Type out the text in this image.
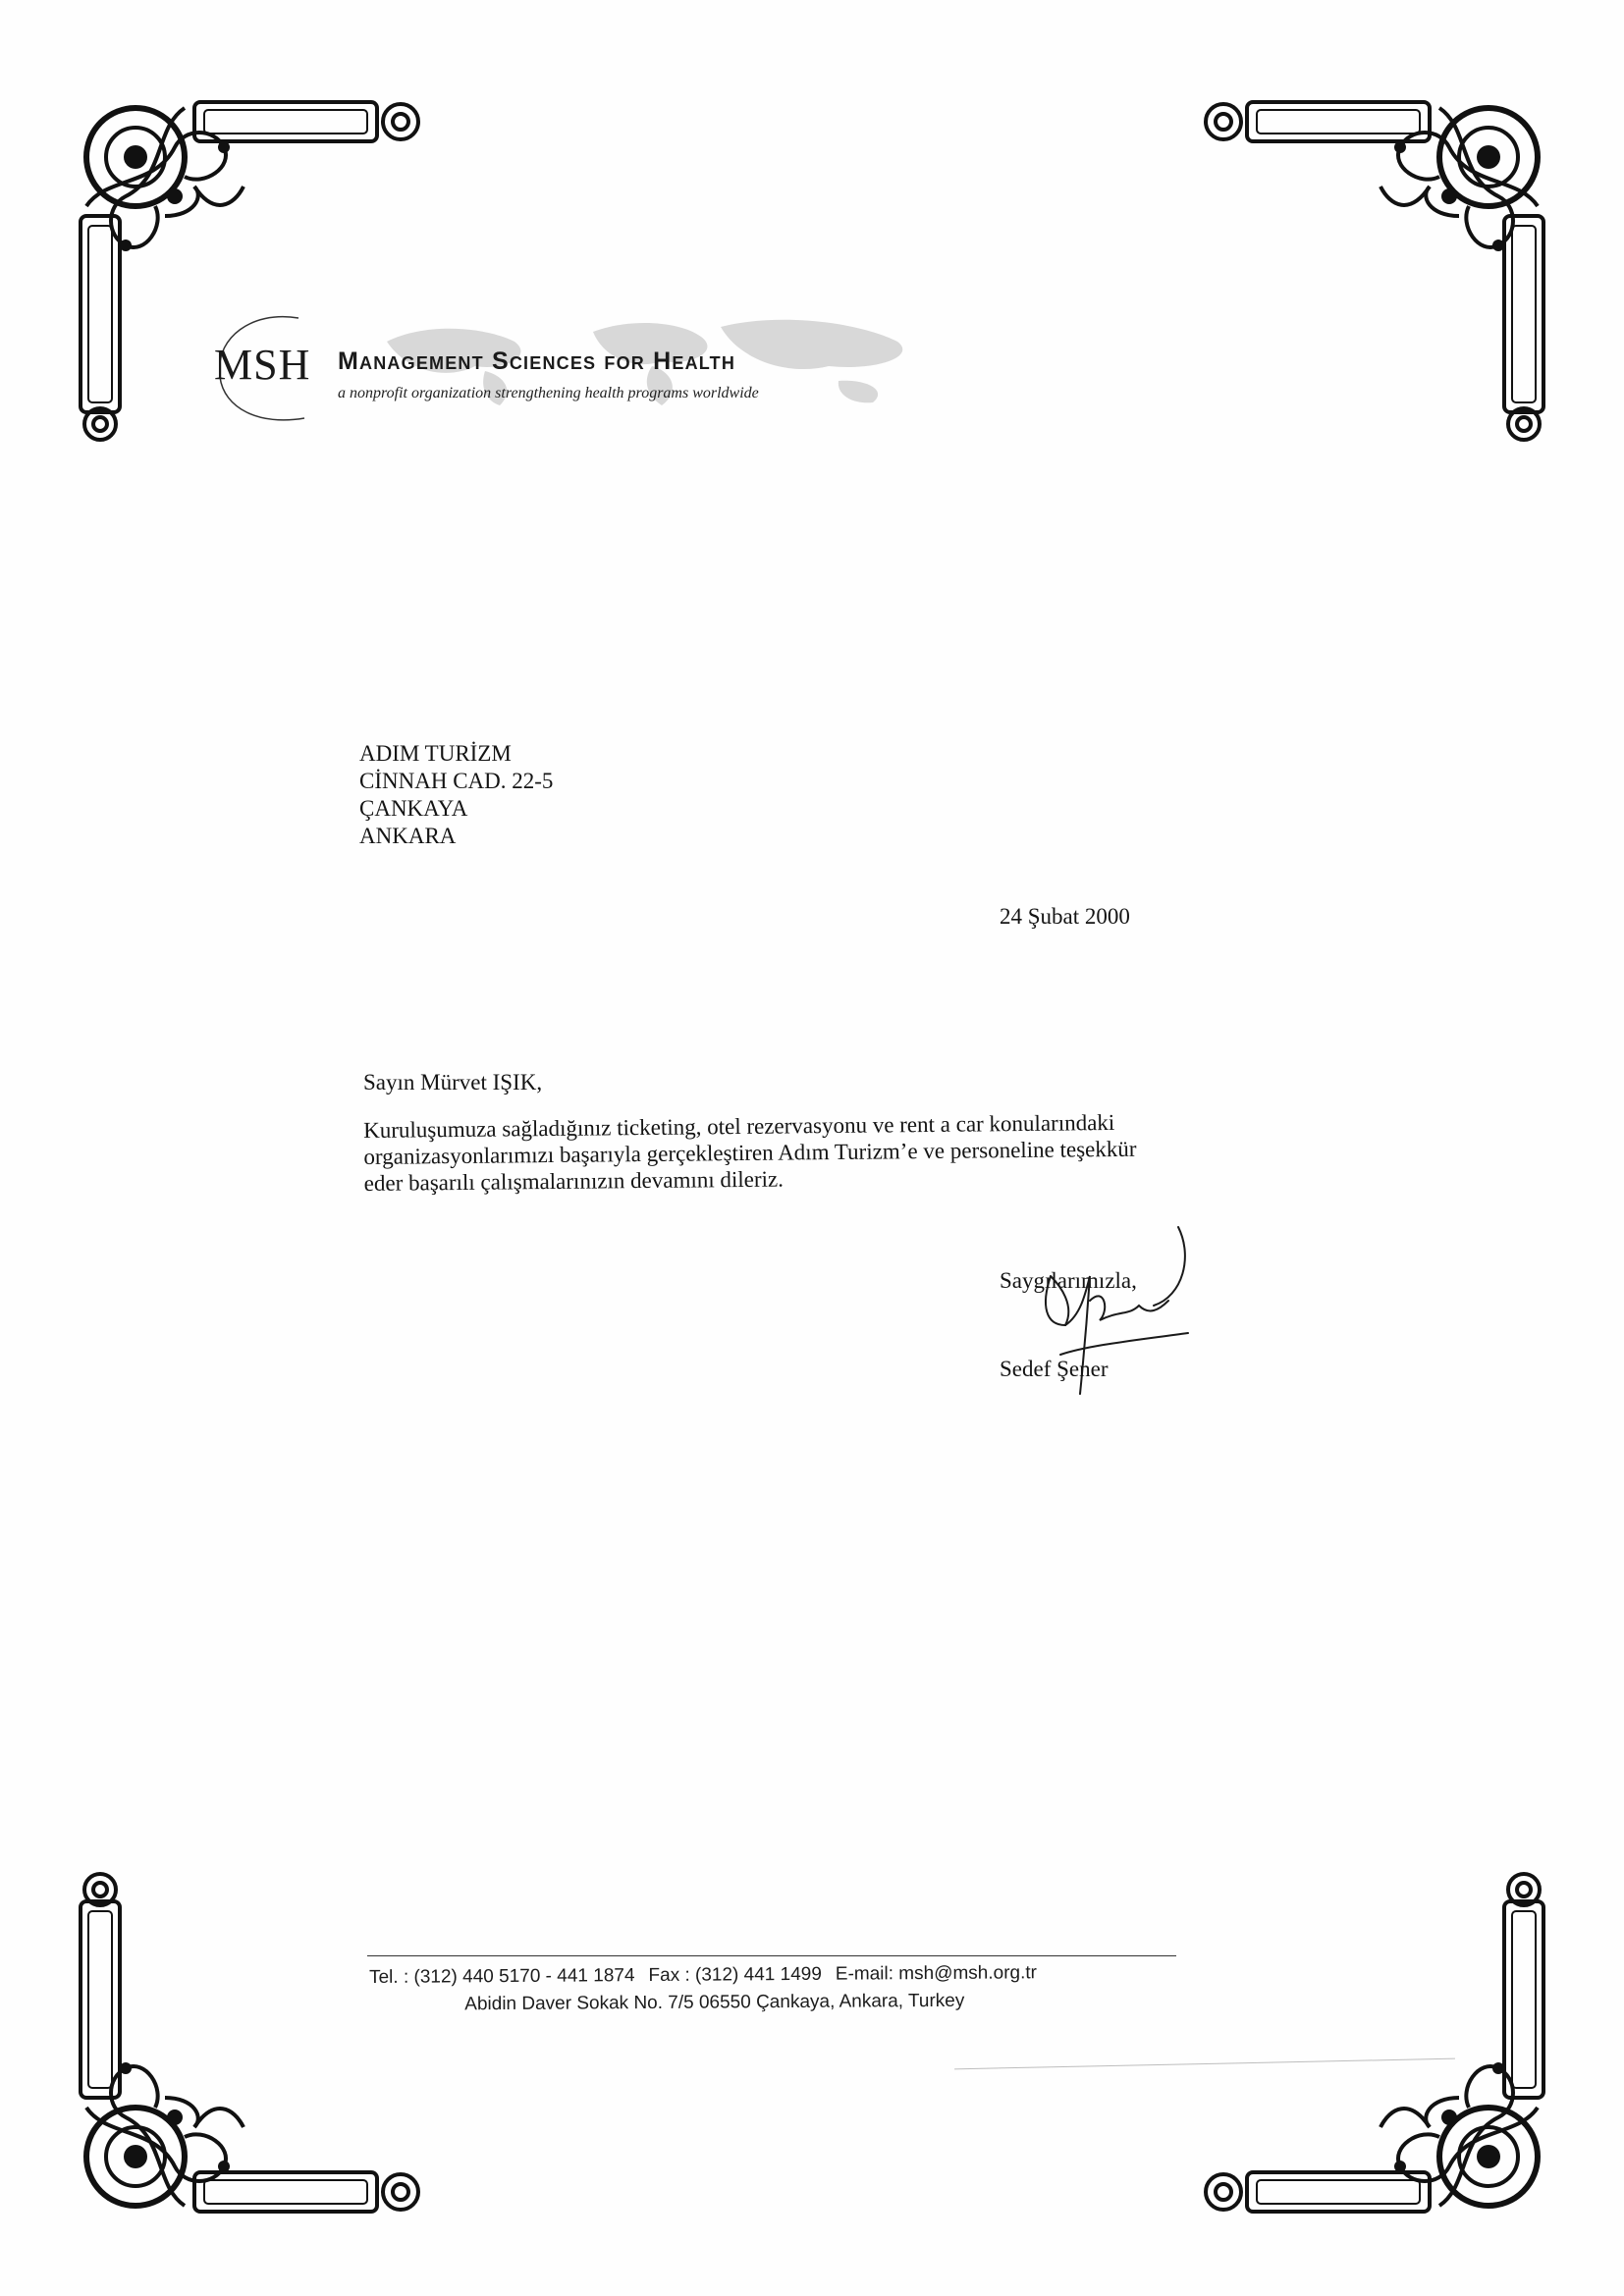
MSH Management Sciences for Health
a nonprofit organization strengthening health programs worldwide
ADIM TURİZM
CİNNAH CAD. 22-5
ÇANKAYA
ANKARA
24 Şubat 2000
Sayın Mürvet IŞIK,
Kuruluşumuza sağladığınız ticketing, otel rezervasyonu ve rent a car konularındaki
organizasyonlarımızı başarıyla gerçekleştiren Adım Turizm’e ve personeline teşekkür
eder başarılı çalışmalarınızın devamını dileriz.
Saygılarımızla,
Sedef Şener
Tel. : (312) 440 5170 - 441 1874 Fax : (312) 441 1499 E-mail: msh@msh.org.tr
Abidin Daver Sokak No. 7/5 06550 Çankaya, Ankara, Turkey
